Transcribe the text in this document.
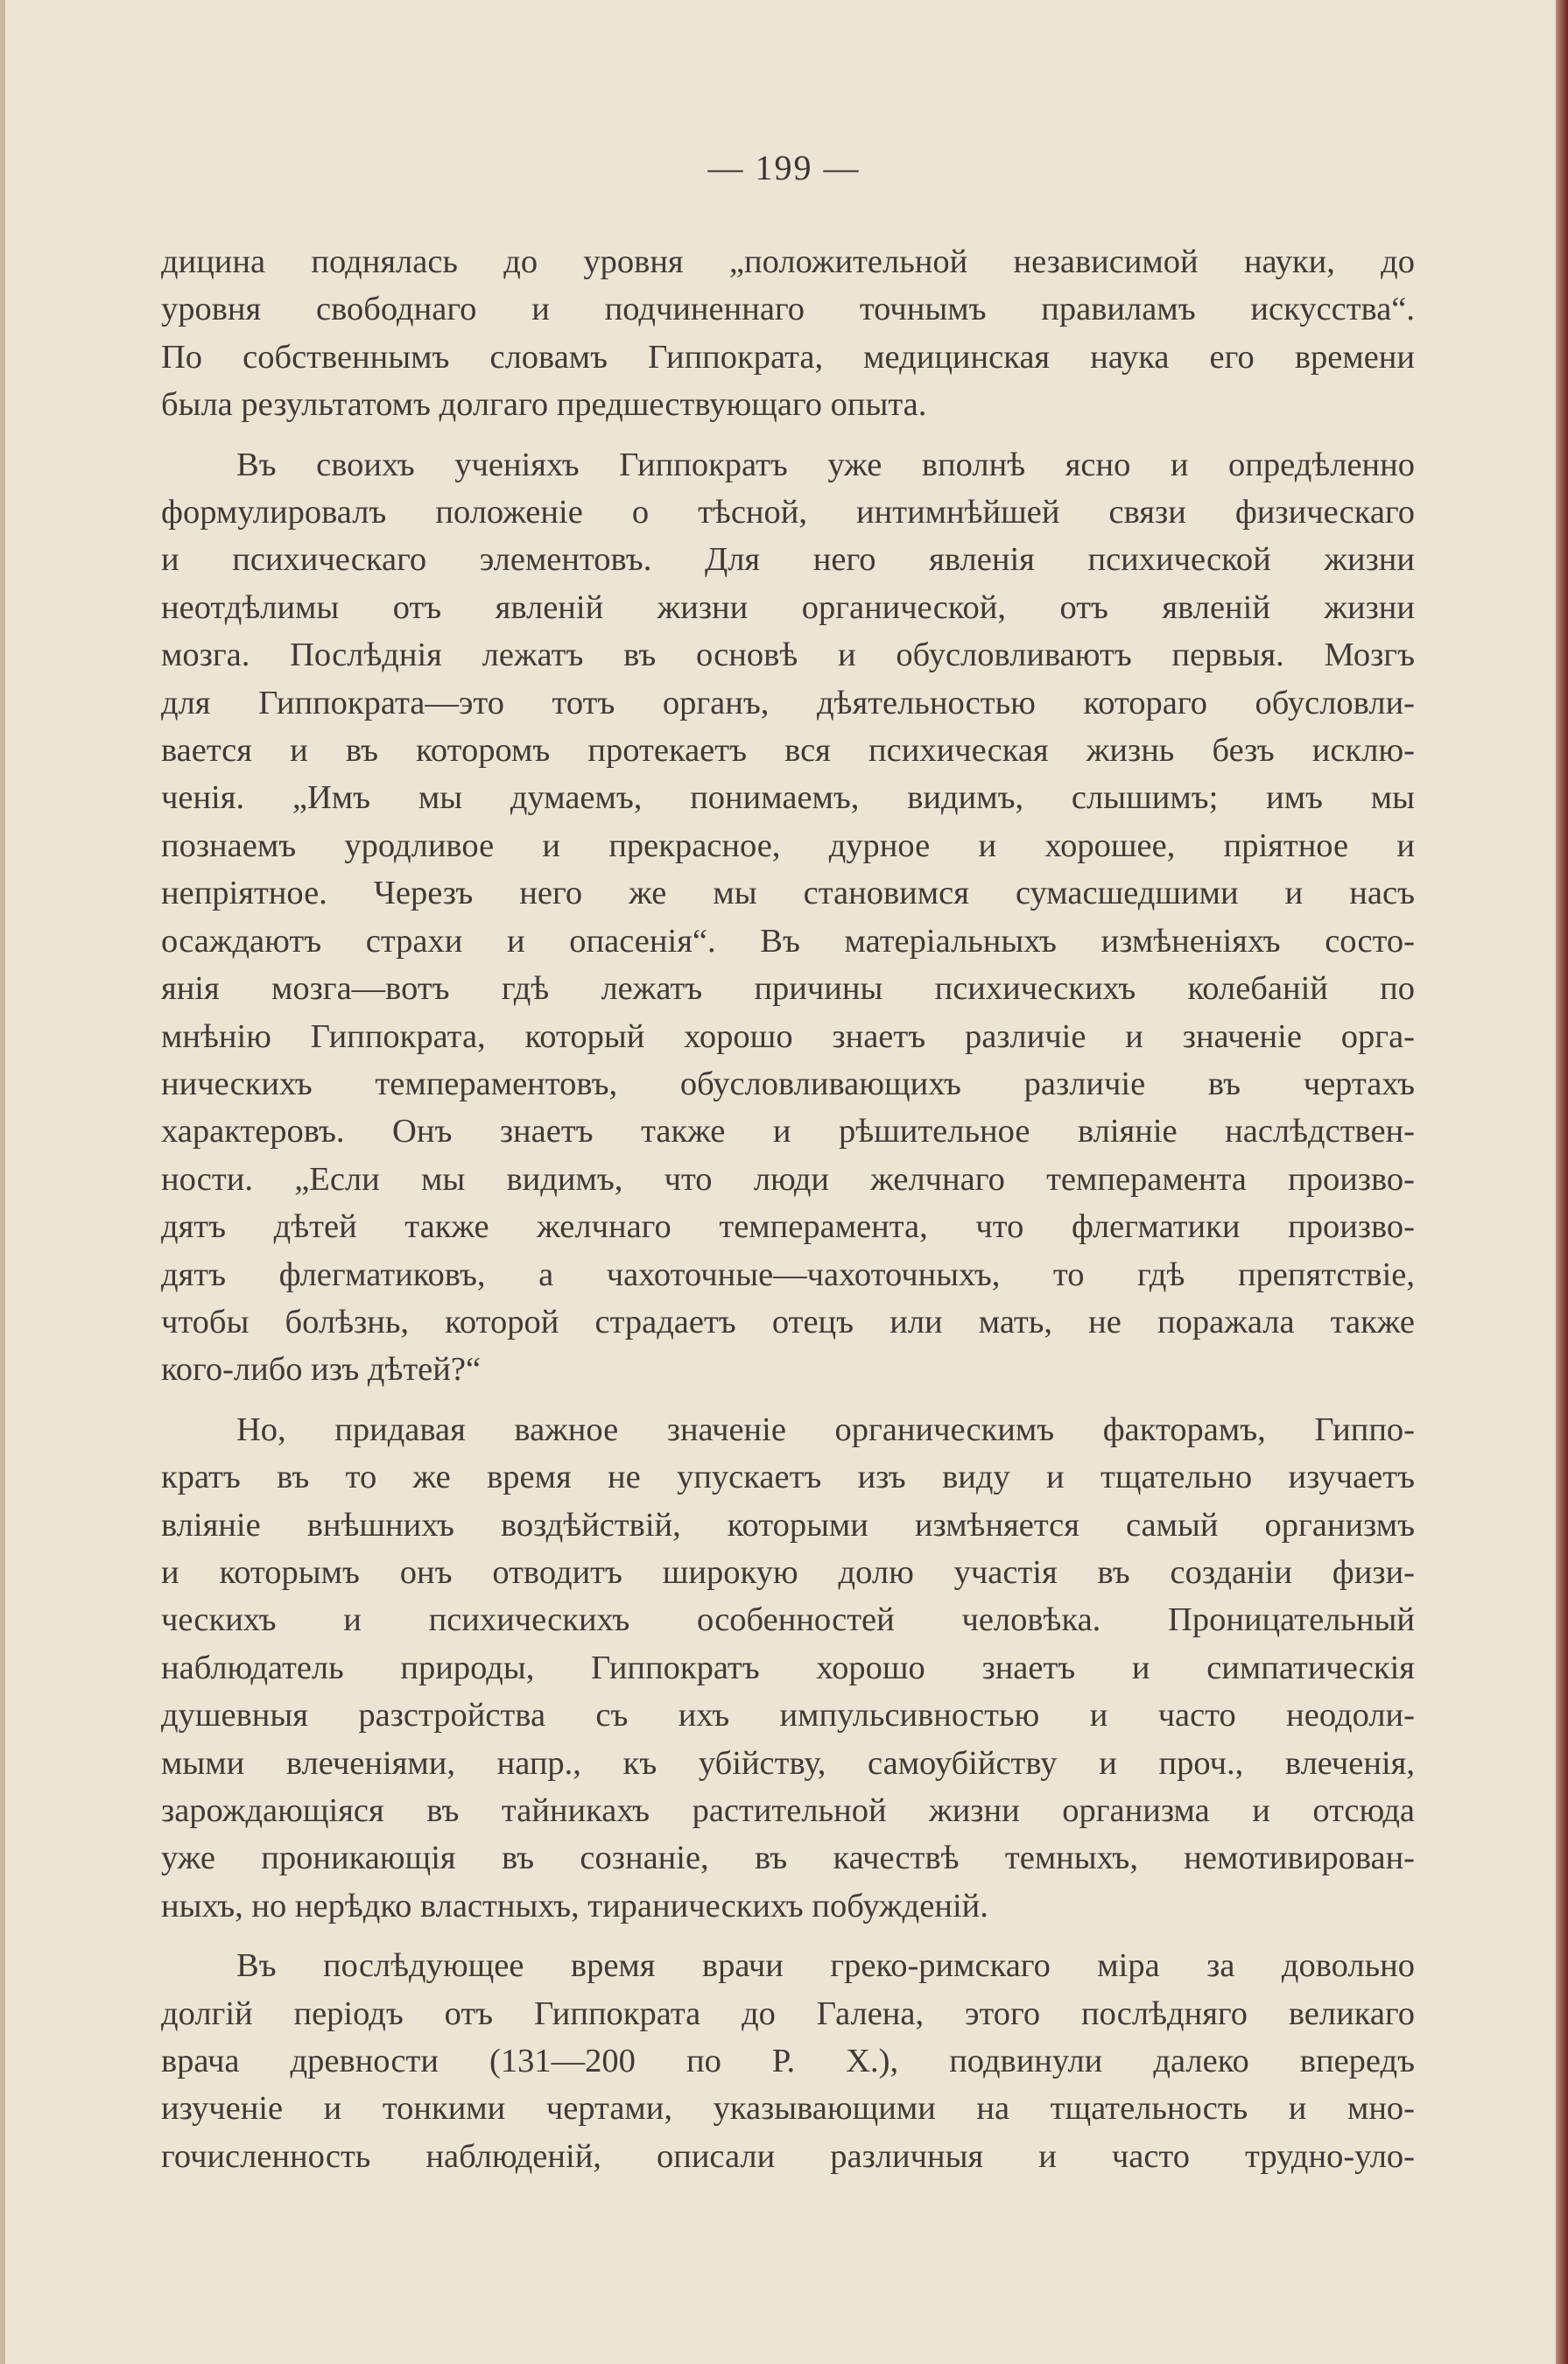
— 199 —

дицина поднялась до уровня „положительной независимой науки, до
уровня свободнаго и подчиненнаго точнымъ правиламъ искусства“.
По собственнымъ словамъ Гиппократа, медицинская наука его времени
была результатомъ долгаго предшествующаго опыта.

Въ своихъ ученіяхъ Гиппократъ уже вполнѣ ясно и опредѣленно
формулировалъ положеніе о тѣсной, интимнѣйшей связи физическаго
и психическаго элементовъ. Для него явленія психической жизни
неотдѣлимы отъ явленій жизни органической, отъ явленій жизни
мозга. Послѣднія лежатъ въ основѣ и обусловливаютъ первыя. Мозгъ
для Гиппократа—это тотъ органъ, дѣятельностью котораго обусловли-
вается и въ которомъ протекаетъ вся психическая жизнь безъ исклю-
ченія. „Имъ мы думаемъ, понимаемъ, видимъ, слышимъ; имъ мы
познаемъ уродливое и прекрасное, дурное и хорошее, пріятное и
непріятное. Черезъ него же мы становимся сумасшедшими и насъ
осаждаютъ страхи и опасенія“. Въ матеріальныхъ измѣненіяхъ состо-
янія мозга—вотъ гдѣ лежатъ причины психическихъ колебаній по
мнѣнію Гиппократа, который хорошо знаетъ различіе и значеніе орга-
ническихъ темпераментовъ, обусловливающихъ различіе въ чертахъ
характеровъ. Онъ знаетъ также и рѣшительное вліяніе наслѣдствен-
ности. „Если мы видимъ, что люди желчнаго темперамента произво-
дятъ дѣтей также желчнаго темперамента, что флегматики произво-
дятъ флегматиковъ, а чахоточные—чахоточныхъ, то гдѣ препятствіе,
чтобы болѣзнь, которой страдаетъ отецъ или мать, не поражала также
кого-либо изъ дѣтей?“

Но, придавая важное значеніе органическимъ факторамъ, Гиппо-
кратъ въ то же время не упускаетъ изъ виду и тщательно изучаетъ
вліяніе внѣшнихъ воздѣйствій, которыми измѣняется самый организмъ
и которымъ онъ отводитъ широкую долю участія въ созданіи физи-
ческихъ и психическихъ особенностей человѣка. Проницательный
наблюдатель природы, Гиппократъ хорошо знаетъ и симпатическія
душевныя разстройства съ ихъ импульсивностью и часто неодоли-
мыми влеченіями, напр., къ убійству, самоубійству и проч., влеченія,
зарождающіяся въ тайникахъ растительной жизни организма и отсюда
уже проникающія въ сознаніе, въ качествѣ темныхъ, немотивирован-
ныхъ, но нерѣдко властныхъ, тираническихъ побужденій.

Въ послѣдующее время врачи греко-римскаго міра за довольно
долгій періодъ отъ Гиппократа до Галена, этого послѣдняго великаго
врача древности (131—200 по Р. Х.), подвинули далеко впередъ
изученіе и тонкими чертами, указывающими на тщательность и мно-
гочисленность наблюденій, описали различныя и часто трудно-уло-
